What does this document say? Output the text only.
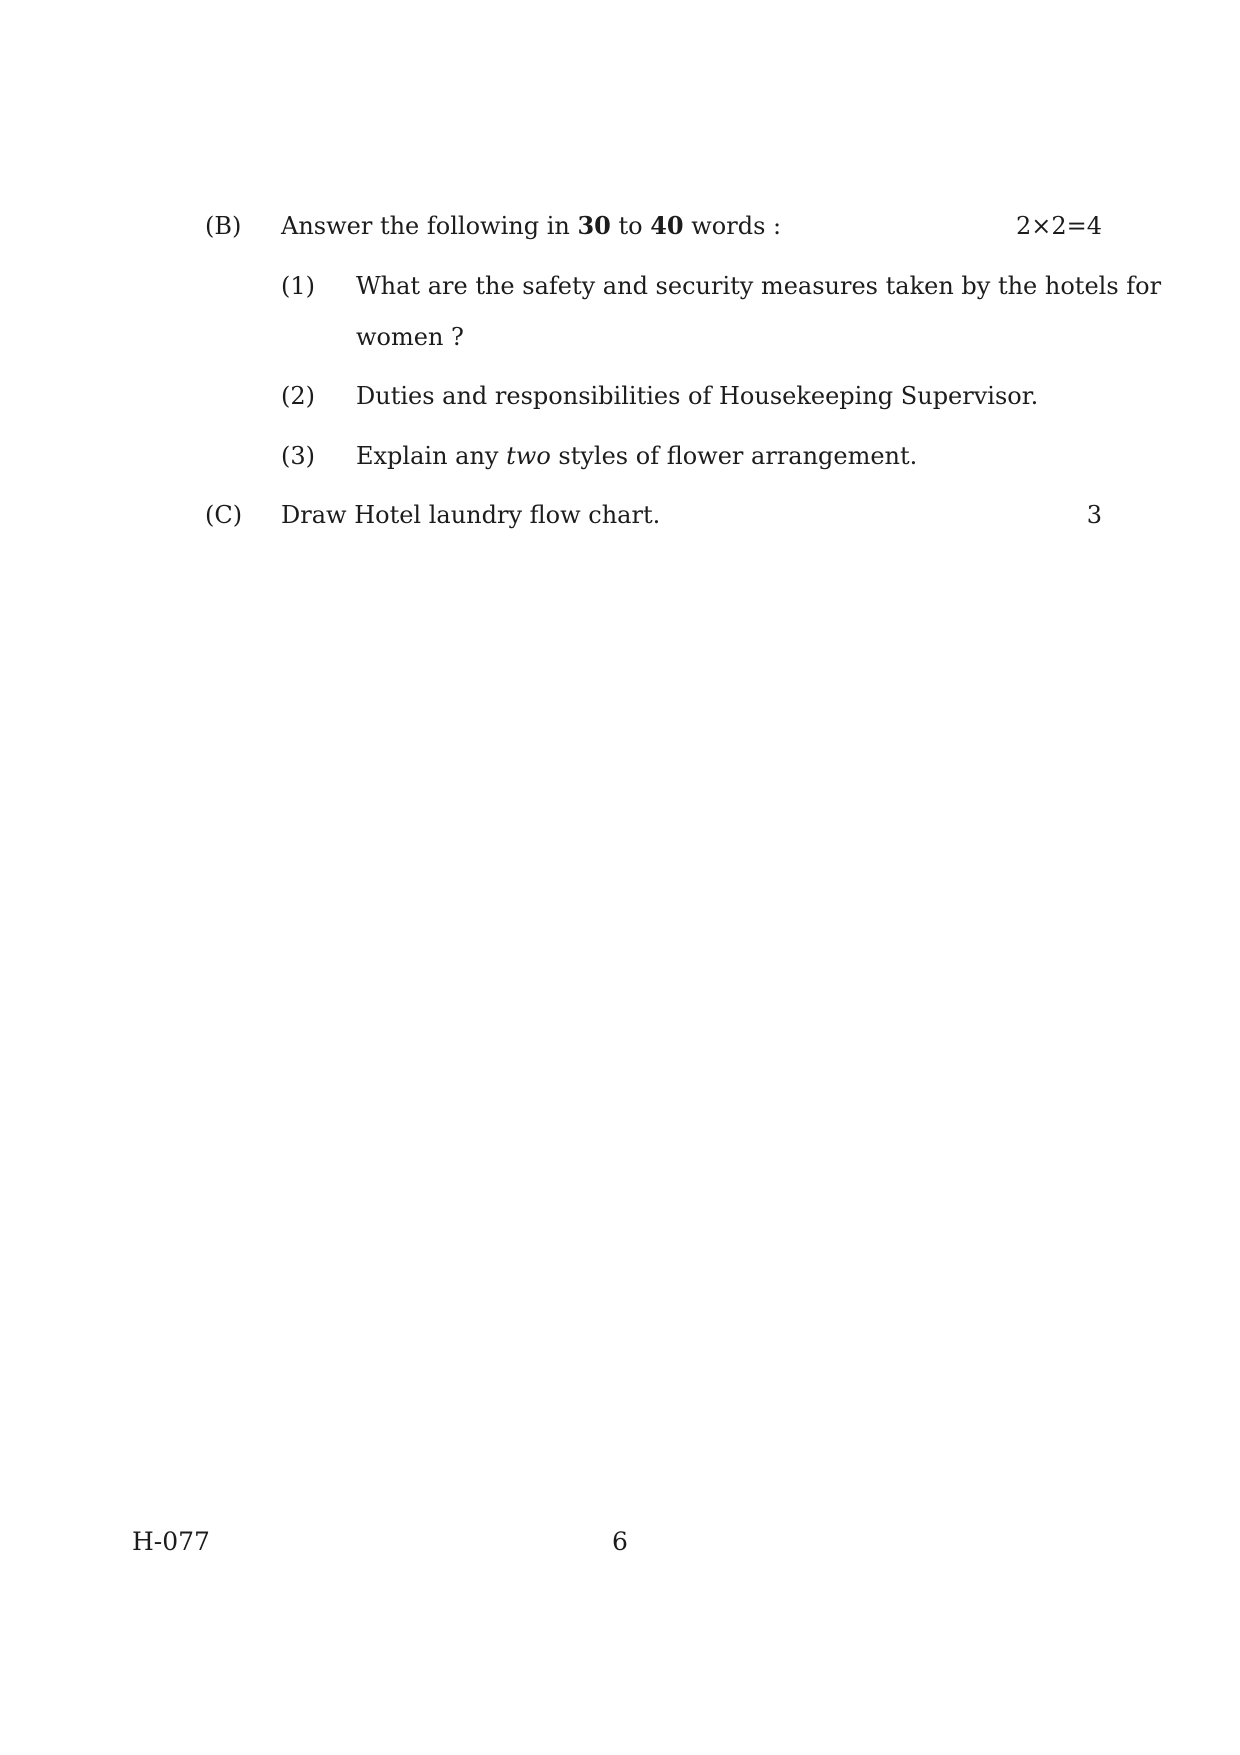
(B) Answer the following in 30 to 40 words :	2×2=4
(1) What are the safety and security measures taken by the hotels for
women ?
(2) Duties and responsibilities of Housekeeping Supervisor.
(3) Explain any two styles of flower arrangement.
(C) Draw Hotel laundry flow chart.	3
H-077	6
